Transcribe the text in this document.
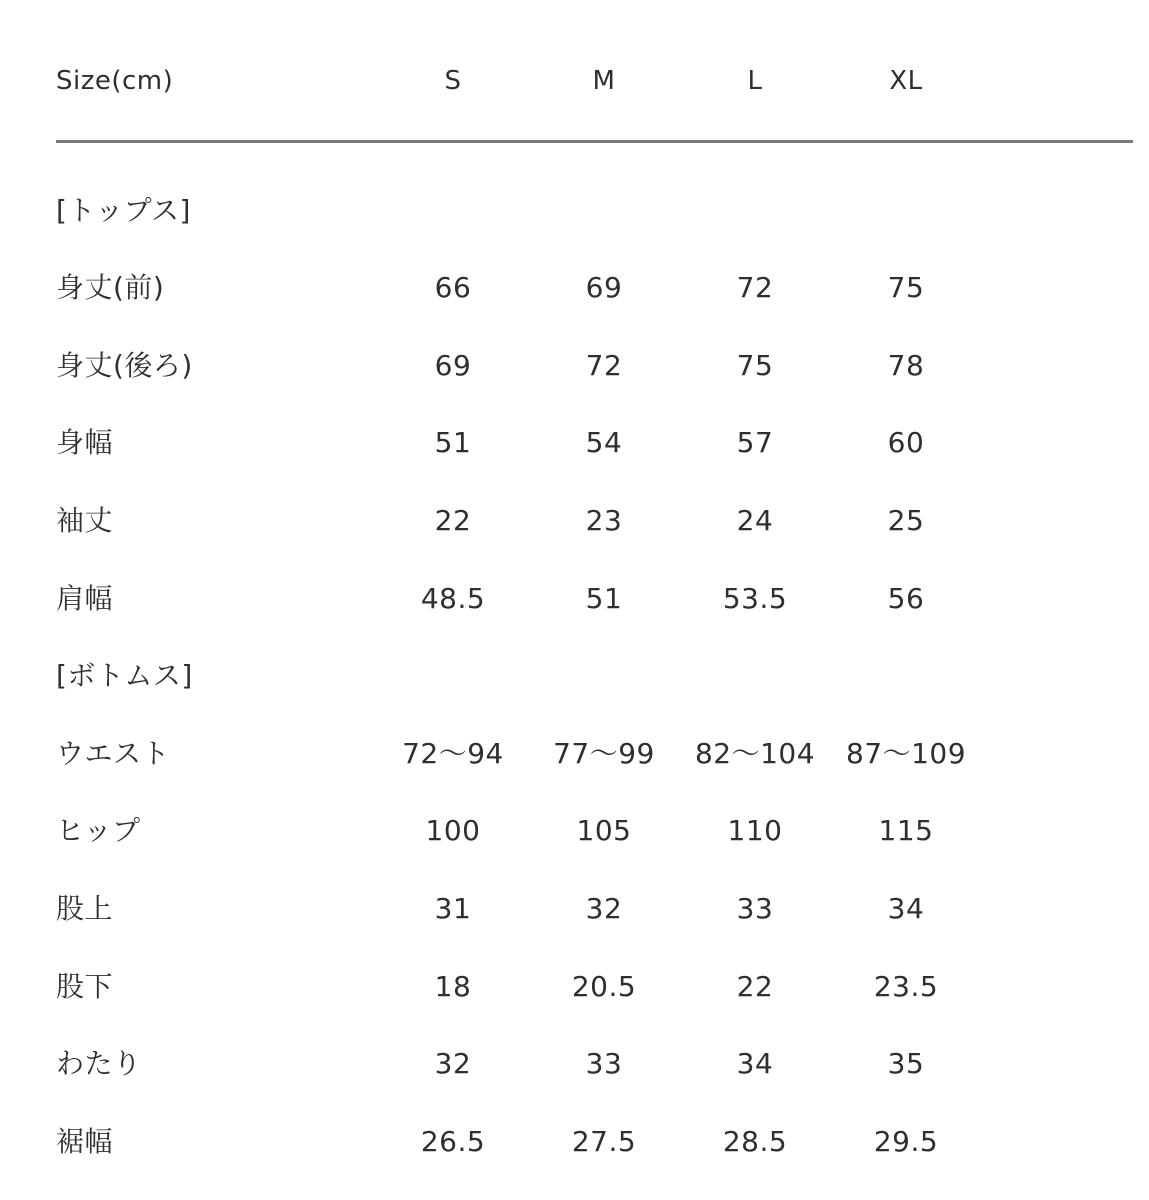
Size(cm)	S	M	L	XL
[トップス]
身丈(前)	66	69	72	75
身丈(後ろ)	69	72	75	78
身幅	51	54	57	60
袖丈	22	23	24	25
肩幅	48.5	51	53.5	56
[ボトムス]
ウエスト	72〜94	77〜99	82〜104	87〜109
ヒップ	100	105	110	115
股上	31	32	33	34
股下	18	20.5	22	23.5
わたり	32	33	34	35
裾幅	26.5	27.5	28.5	29.5
